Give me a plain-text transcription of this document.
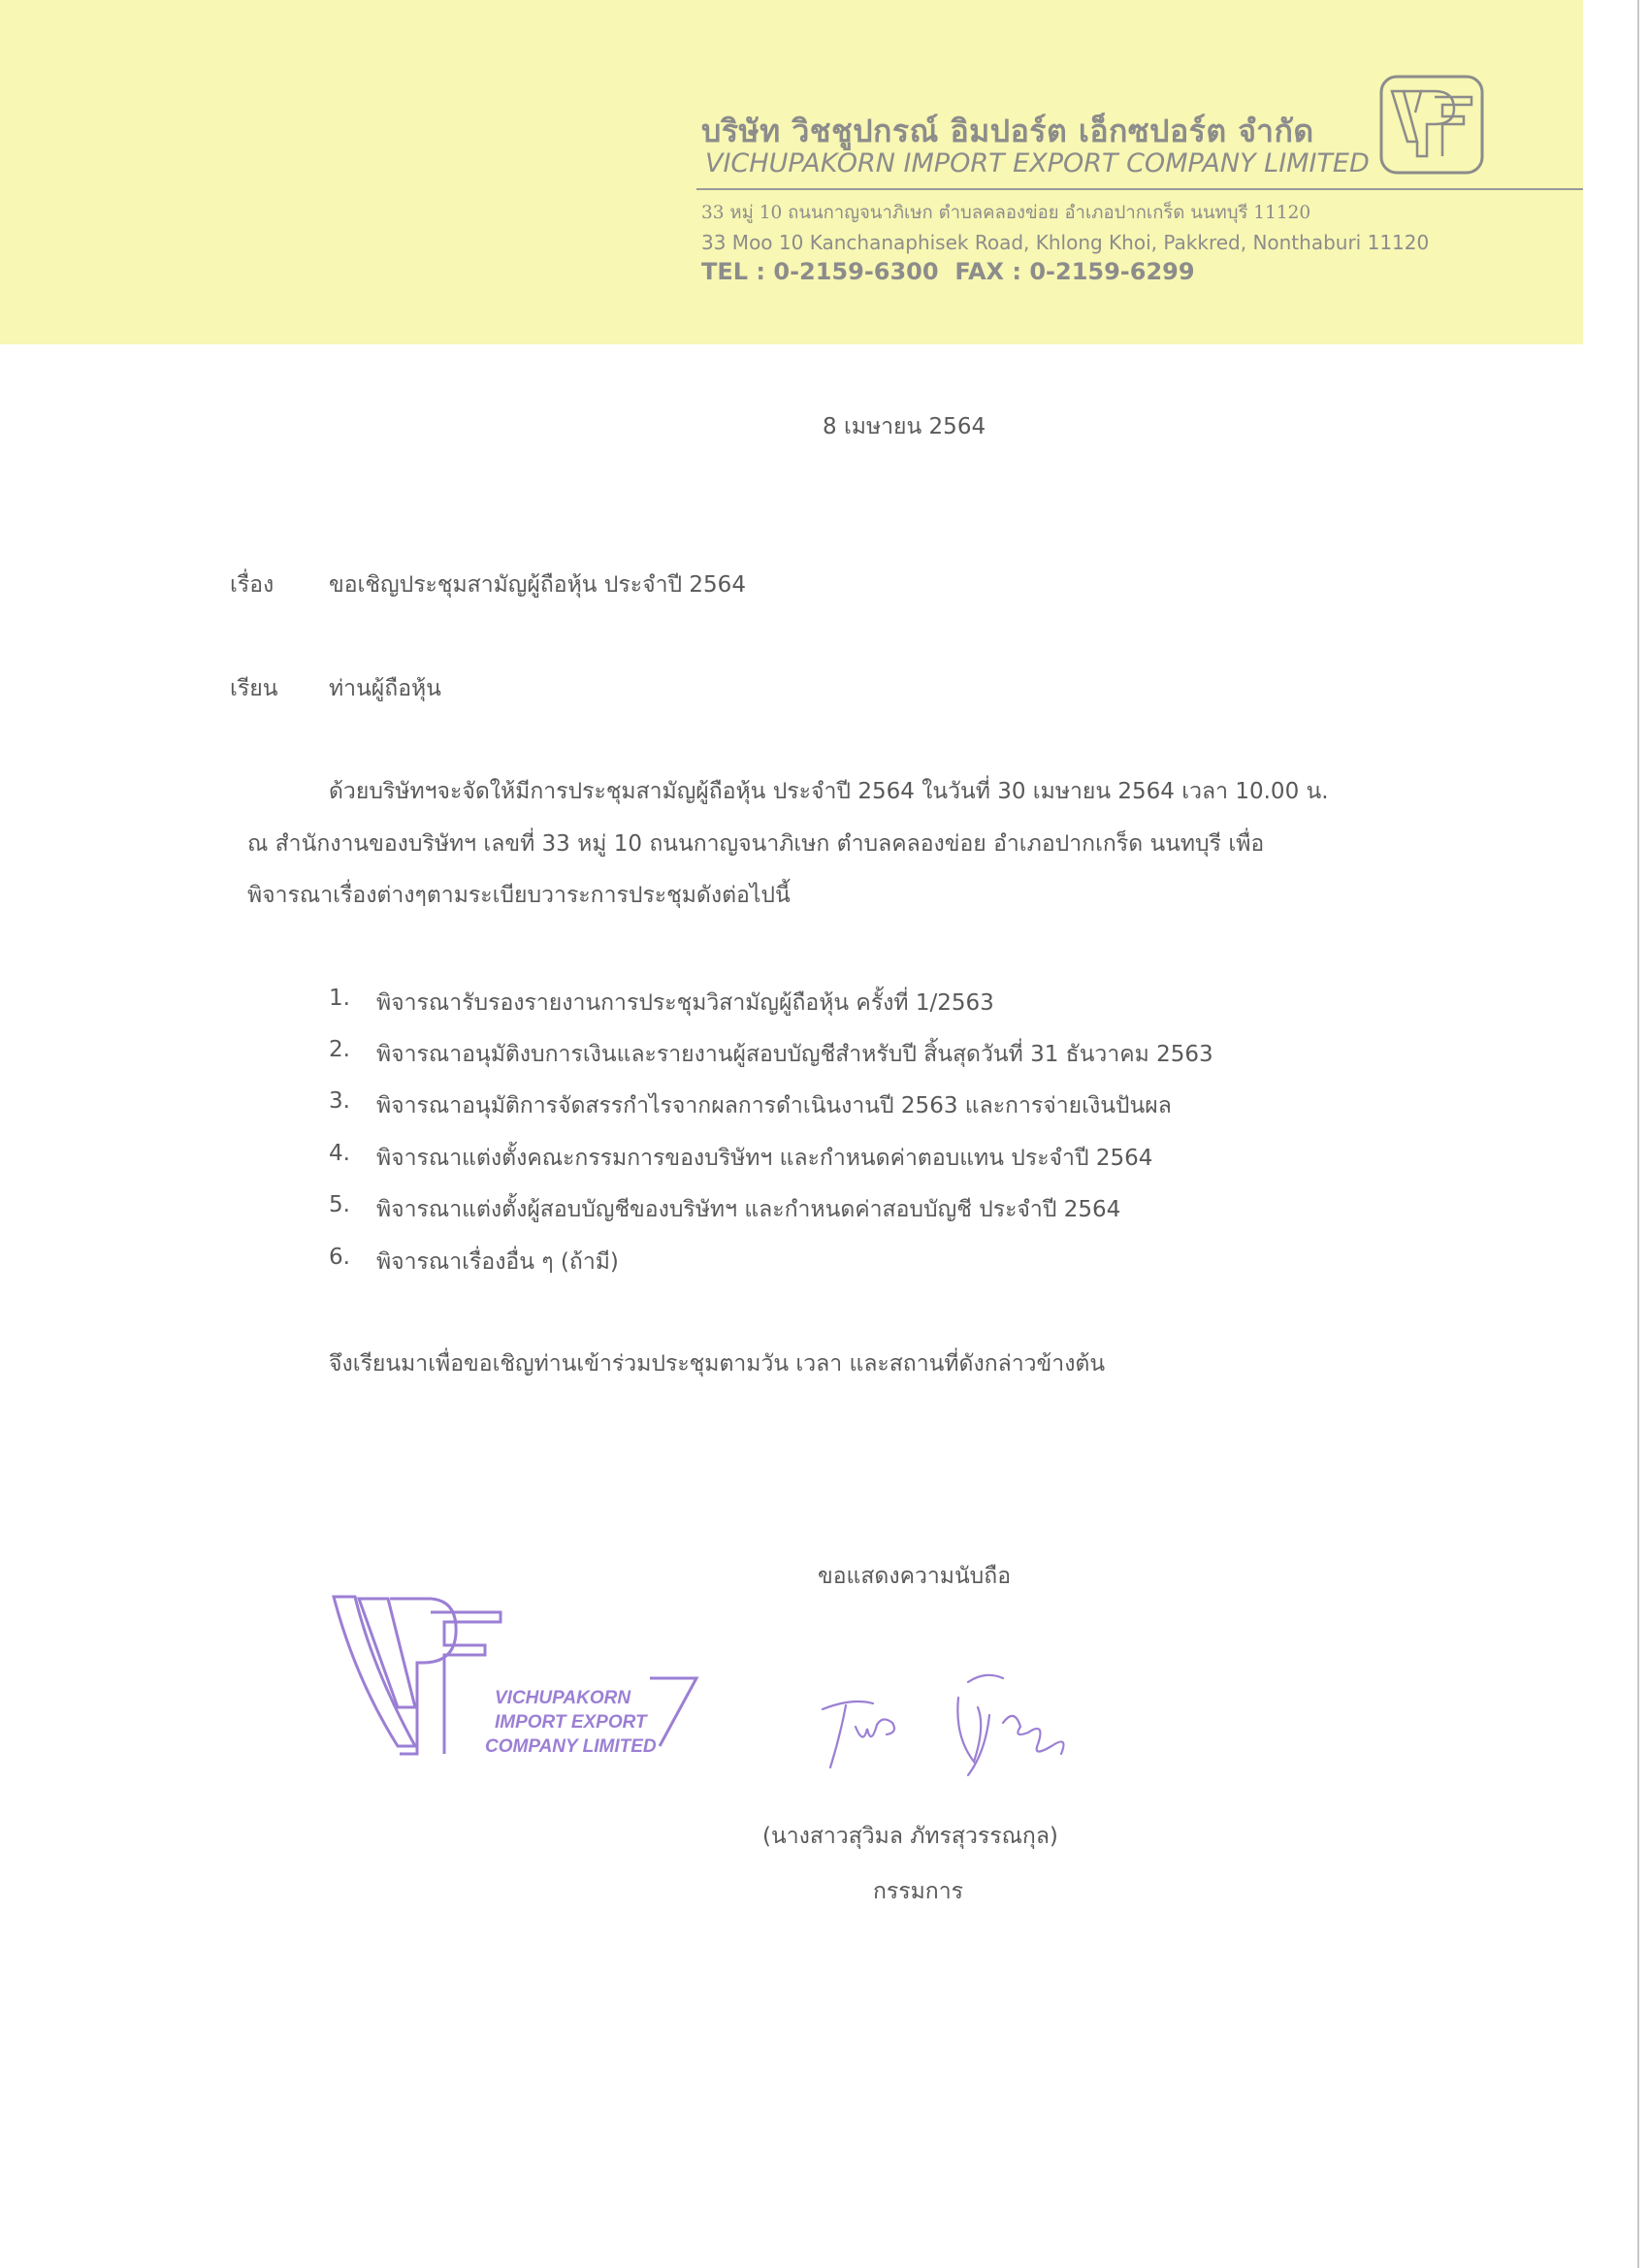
บริษัท วิชชูปกรณ์ อิมปอร์ต เอ็กซปอร์ต จำกัด
VICHUPAKORN IMPORT EXPORT COMPANY LIMITED
33 หมู่ 10 ถนนกาญจนาภิเษก ตำบลคลองข่อย อำเภอปากเกร็ด นนทบุรี 11120
33 Moo 10 Kanchanaphisek Road, Khlong Khoi, Pakkred, Nonthaburi 11120
TEL : 0-2159-6300 FAX : 0-2159-6299
8 เมษายน 2564
เรื่อง ขอเชิญประชุมสามัญผู้ถือหุ้น ประจำปี 2564
เรียน ท่านผู้ถือหุ้น
ด้วยบริษัทฯจะจัดให้มีการประชุมสามัญผู้ถือหุ้น ประจำปี 2564 ในวันที่ 30 เมษายน 2564 เวลา 10.00 น.
ณ สำนักงานของบริษัทฯ เลขที่ 33 หมู่ 10 ถนนกาญจนาภิเษก ตำบลคลองข่อย อำเภอปากเกร็ด นนทบุรี เพื่อ
พิจารณาเรื่องต่างๆตามระเบียบวาระการประชุมดังต่อไปนี้
1. พิจารณารับรองรายงานการประชุมวิสามัญผู้ถือหุ้น ครั้งที่ 1/2563
2. พิจารณาอนุมัติงบการเงินและรายงานผู้สอบบัญชีสำหรับปี สิ้นสุดวันที่ 31 ธันวาคม 2563
3. พิจารณาอนุมัติการจัดสรรกำไรจากผลการดำเนินงานปี 2563 และการจ่ายเงินปันผล
4. พิจารณาแต่งตั้งคณะกรรมการของบริษัทฯ และกำหนดค่าตอบแทน ประจำปี 2564
5. พิจารณาแต่งตั้งผู้สอบบัญชีของบริษัทฯ และกำหนดค่าสอบบัญชี ประจำปี 2564
6. พิจารณาเรื่องอื่น ๆ (ถ้ามี)
จึงเรียนมาเพื่อขอเชิญท่านเข้าร่วมประชุมตามวัน เวลา และสถานที่ดังกล่าวข้างต้น
ขอแสดงความนับถือ
VICHUPAKORN
IMPORT EXPORT
COMPANY LIMITED
(นางสาวสุวิมล ภัทรสุวรรณกุล)
กรรมการ
